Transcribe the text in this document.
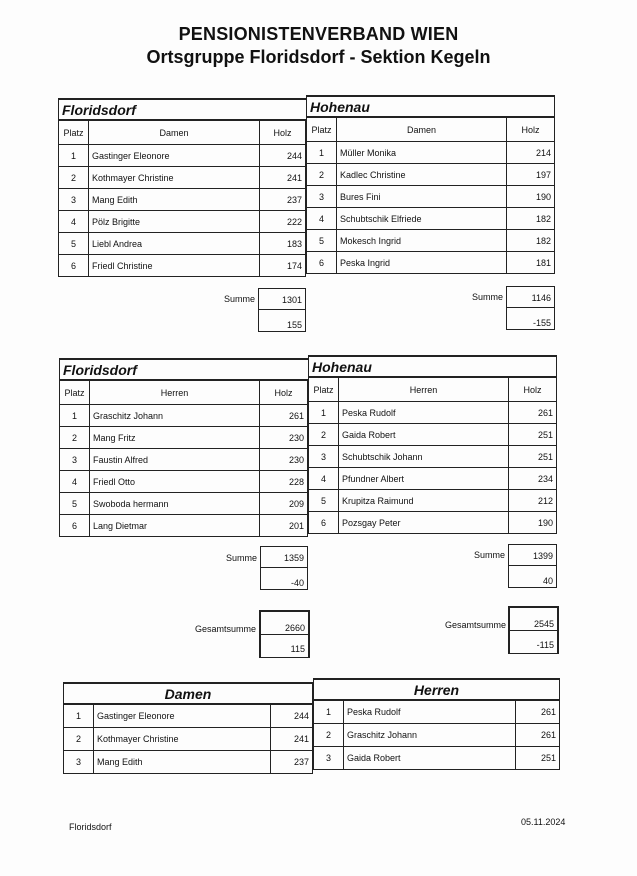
PENSIONISTENVERBAND WIEN
Ortsgruppe Floridsdorf - Sektion Kegeln
Floridsdorf
Platz	Damen	Holz
1	Gastinger Eleonore	244
2	Kothmayer Christine	241
3	Mang Edith	237
4	Pölz Brigitte	222
5	Liebl Andrea	183
6	Friedl Christine	174
Summe	1301
155
Hohenau
Platz	Damen	Holz
1	Müller Monika	214
2	Kadlec Christine	197
3	Bures Fini	190
4	Schubtschik Elfriede	182
5	Mokesch Ingrid	182
6	Peska Ingrid	181
Summe	1146
-155
Floridsdorf
Platz	Herren	Holz
1	Graschitz Johann	261
2	Mang Fritz	230
3	Faustin Alfred	230
4	Friedl Otto	228
5	Swoboda hermann	209
6	Lang Dietmar	201
Summe	1359
-40
Hohenau
Platz	Herren	Holz
1	Peska Rudolf	261
2	Gaida Robert	251
3	Schubtschik Johann	251
4	Pfundner Albert	234
5	Krupitza Raimund	212
6	Pozsgay Peter	190
Summe	1399
40
Gesamtsumme	2660
115
Gesamtsumme	2545
-115
Damen
1	Gastinger Eleonore	244
2	Kothmayer Christine	241
3	Mang Edith	237
Herren
1	Peska Rudolf	261
2	Graschitz Johann	261
3	Gaida Robert	251
Floridsdorf	05.11.2024
